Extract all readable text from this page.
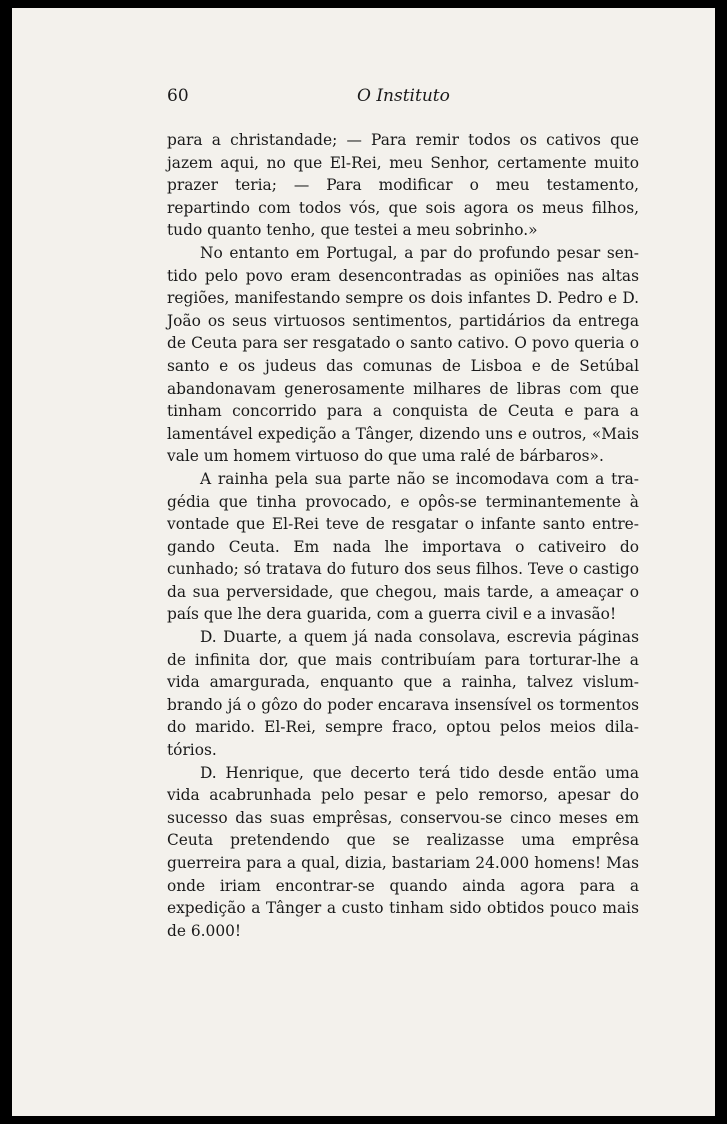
60	O Instituto

para a christandade; — Para remir todos os cativos que jazem aqui, no que El-Rei, meu Senhor, certamente muito prazer teria; — Para modificar o meu testamento, repartindo com todos vós, que sois agora os meus filhos, tudo quanto tenho, que testei a meu sobrinho.»

No entanto em Portugal, a par do profundo pesar sentido pelo povo eram desencontradas as opiniões nas altas regiões, manifestando sempre os dois infantes D. Pedro e D. João os seus virtuosos sentimentos, partidários da entrega de Ceuta para ser resgatado o santo cativo. O povo queria o santo e os judeus das comunas de Lisboa e de Setúbal abandonavam generosamente milhares de libras com que tinham concorrido para a conquista de Ceuta e para a lamentável expedição a Tânger, dizendo uns e outros, «Mais vale um homem virtuoso do que uma ralé de bárbaros».

A rainha pela sua parte não se incomodava com a tragédia que tinha provocado, e opôs-se terminantemente à vontade que El-Rei teve de resgatar o infante santo entregando Ceuta. Em nada lhe importava o cativeiro do cunhado; só tratava do futuro dos seus filhos. Teve o castigo da sua perversidade, que chegou, mais tarde, a ameaçar o país que lhe dera guarida, com a guerra civil e a invasão!

D. Duarte, a quem já nada consolava, escrevia páginas de infinita dor, que mais contribuíam para torturar-lhe a vida amargurada, enquanto que a rainha, talvez vislumbrando já o gôzo do poder encarava insensível os tormentos do marido. El-Rei, sempre fraco, optou pelos meios dilatórios.

D. Henrique, que decerto terá tido desde então uma vida acabrunhada pelo pesar e pelo remorso, apesar do sucesso das suas emprêsas, conservou-se cinco meses em Ceuta pretendendo que se realizasse uma emprêsa guerreira para a qual, dizia, bastariam 24.000 homens! Mas onde iriam encontrar-se quando ainda agora para a expedição a Tânger a custo tinham sido obtidos pouco mais de 6.000!
